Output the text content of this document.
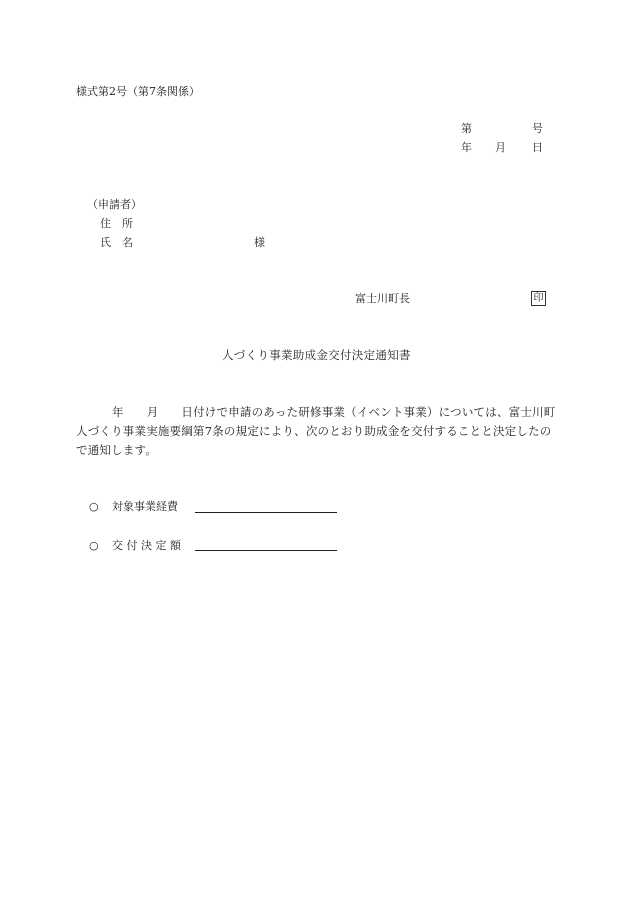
様式第2号（第7条関係）
第	号
年 月 日
（申請者）
住　所
氏　名	様
富士川町長	印
人づくり事業助成金交付決定通知書
年 月 日付けで申請のあった研修事業（イベント事業）については、富士川町人づくり事業実施要綱第7条の規定により、次のとおり助成金を交付することと決定したので通知します。
○ 対象事業経費
○ 交 付 決 定 額
